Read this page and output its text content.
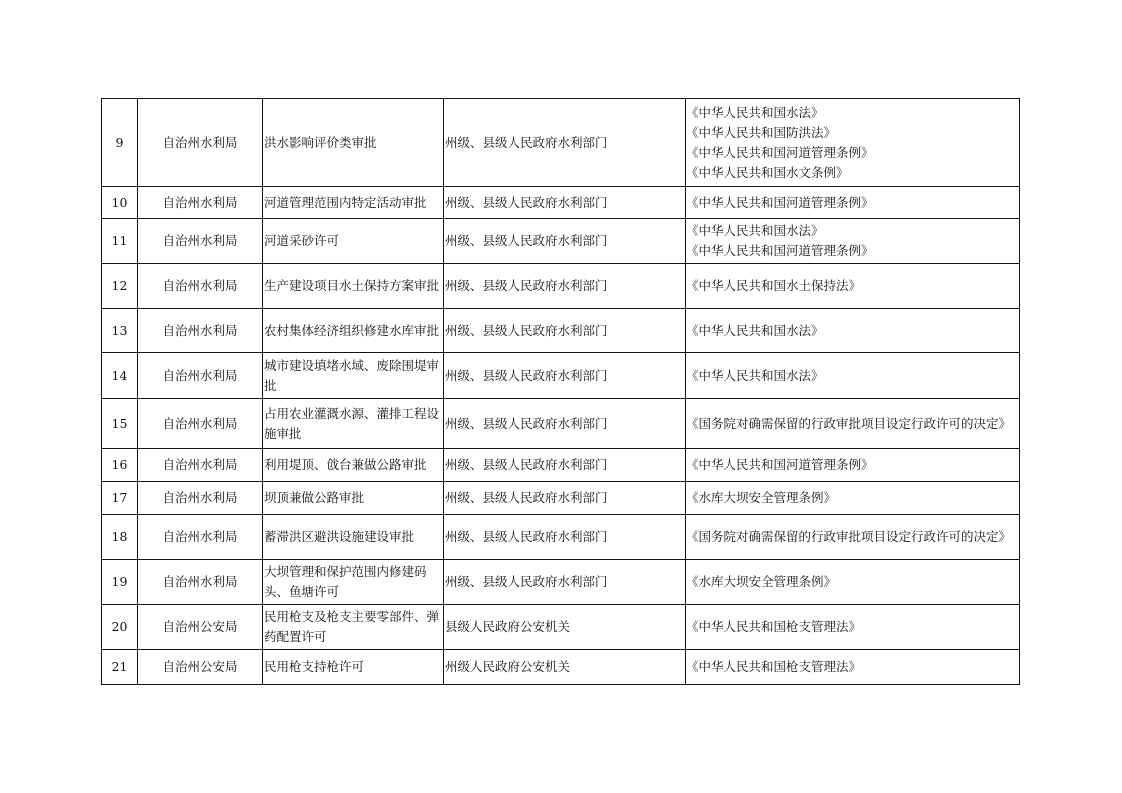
9	自治州水利局	洪水影响评价类审批	州级、县级人民政府水利部门	《中华人民共和国水法》
《中华人民共和国防洪法》
《中华人民共和国河道管理条例》
《中华人民共和国水文条例》

10	自治州水利局	河道管理范围内特定活动审批	州级、县级人民政府水利部门	《中华人民共和国河道管理条例》

11	自治州水利局	河道采砂许可	州级、县级人民政府水利部门	《中华人民共和国水法》
《中华人民共和国河道管理条例》

12	自治州水利局	生产建设项目水土保持方案审批	州级、县级人民政府水利部门	《中华人民共和国水土保持法》

13	自治州水利局	农村集体经济组织修建水库审批	州级、县级人民政府水利部门	《中华人民共和国水法》

14	自治州水利局	城市建设填堵水域、废除围堤审批	州级、县级人民政府水利部门	《中华人民共和国水法》

15	自治州水利局	占用农业灌溉水源、灌排工程设施审批	州级、县级人民政府水利部门	《国务院对确需保留的行政审批项目设定行政许可的决定》

16	自治州水利局	利用堤顶、戗台兼做公路审批	州级、县级人民政府水利部门	《中华人民共和国河道管理条例》

17	自治州水利局	坝顶兼做公路审批	州级、县级人民政府水利部门	《水库大坝安全管理条例》

18	自治州水利局	蓄滞洪区避洪设施建设审批	州级、县级人民政府水利部门	《国务院对确需保留的行政审批项目设定行政许可的决定》

19	自治州水利局	大坝管理和保护范围内修建码头、鱼塘许可	州级、县级人民政府水利部门	《水库大坝安全管理条例》

20	自治州公安局	民用枪支及枪支主要零部件、弹药配置许可	县级人民政府公安机关	《中华人民共和国枪支管理法》

21	自治州公安局	民用枪支持枪许可	州级人民政府公安机关	《中华人民共和国枪支管理法》
